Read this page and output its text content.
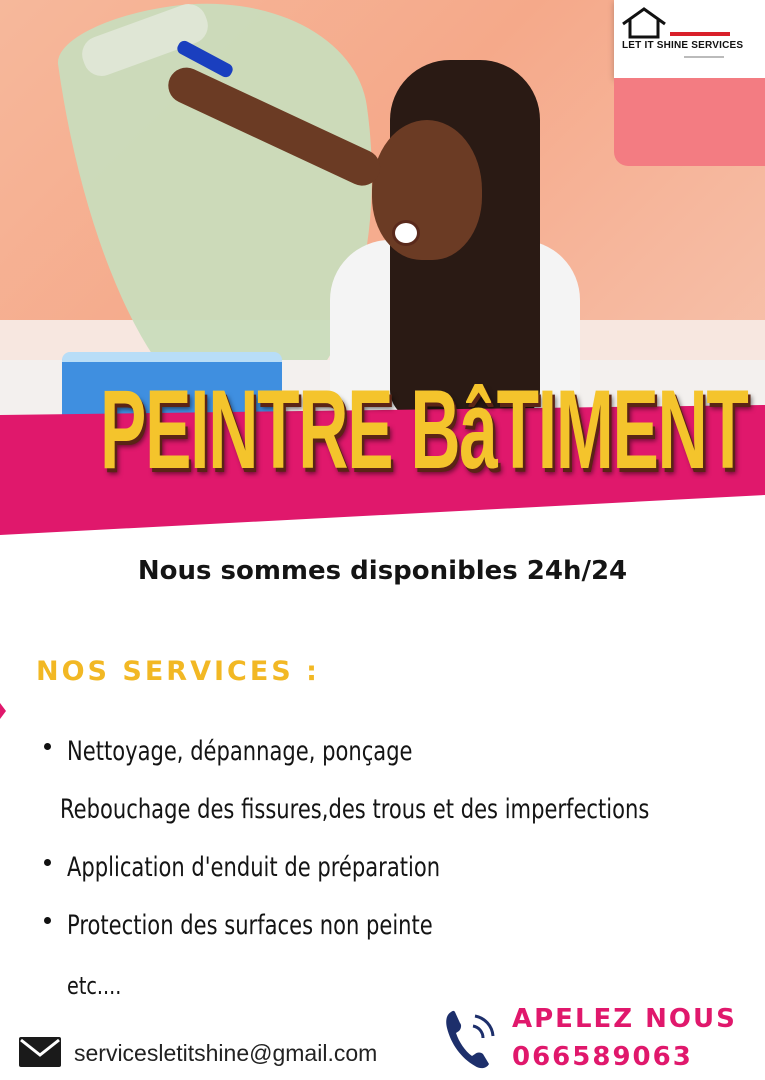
LET IT SHINE SERVICES
PEINTRE BâTIMENT
Nous sommes disponibles 24h/24
NOS SERVICES :
Nettoyage, dépannage, ponçage
Rebouchage des fissures,des trous et des imperfections
Application d'enduit de préparation
Protection des surfaces non peinte
etc....
servicesletitshine@gmail.com
APELEZ NOUS
066589063
